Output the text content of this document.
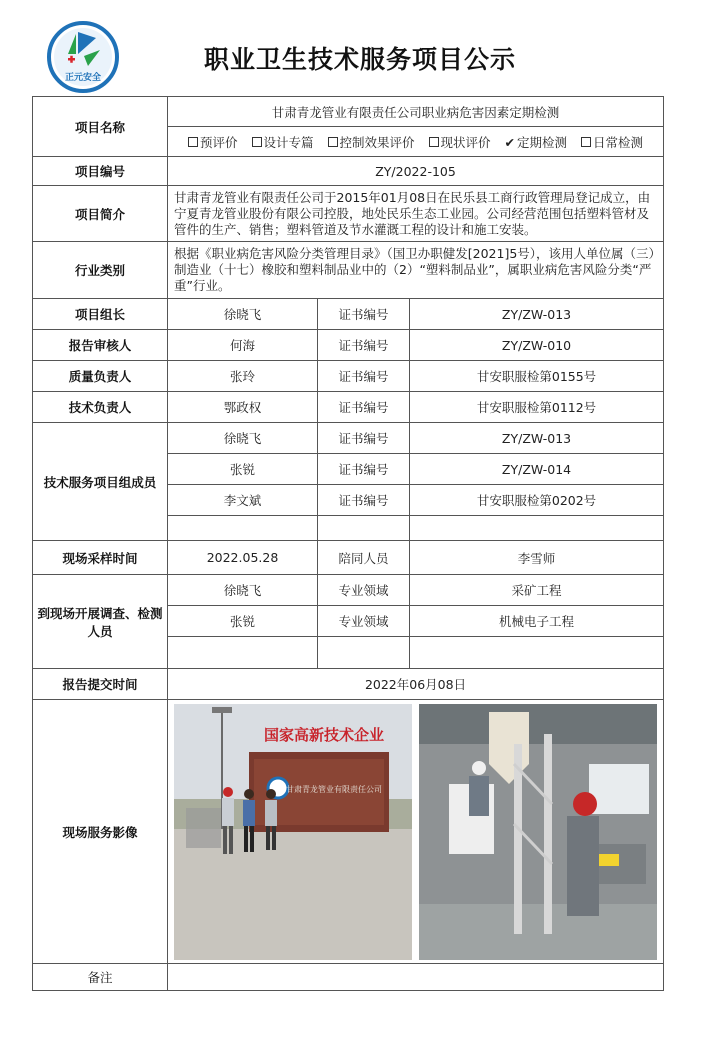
正元安全
职业卫生技术服务项目公示
项目名称	甘肃青龙管业有限责任公司职业病危害因素定期检测		
	预评价 设计专篇 控制效果评价 现状评价 ✔ 定期检测 日常检测		
项目编号	ZY/2022-105		
项目简介	甘肃青龙管业有限责任公司于2015年01月08日在民乐县工商行政管理局登记成立，由宁夏青龙管业股份有限公司控股，地处民乐生态工业园。公司经营范围包括塑料管材及管件的生产、销售；塑料管道及节水灌溉工程的设计和施工安装。		
行业类别	根据《职业病危害风险分类管理目录》（国卫办职健发[2021]5号），该用人单位属（三）制造业（十七）橡胶和塑料制品业中的（2）“塑料制品业”，属职业病危害风险分类“严重”行业。		
项目组长	徐晓飞	证书编号	ZY/ZW-013
报告审核人	何海	证书编号	ZY/ZW-010
质量负责人	张玲	证书编号	甘安职服检第0155号
技术负责人	鄂政权	证书编号	甘安职服检第0112号
技术服务项目组成员	徐晓飞	证书编号	ZY/ZW-013
	张锐	证书编号	ZY/ZW-014
	李文斌	证书编号	甘安职服检第0202号

现场采样时间	2022.05.28	陪同人员	李雪师
到现场开展调查、检测人员	徐晓飞	专业领域	采矿工程
	张锐	专业领域	机械电子工程

报告提交时间	2022年06月08日		
现场服务影像	国家高新技术企业
甘肃青龙管业有限责任公司		

备注			
